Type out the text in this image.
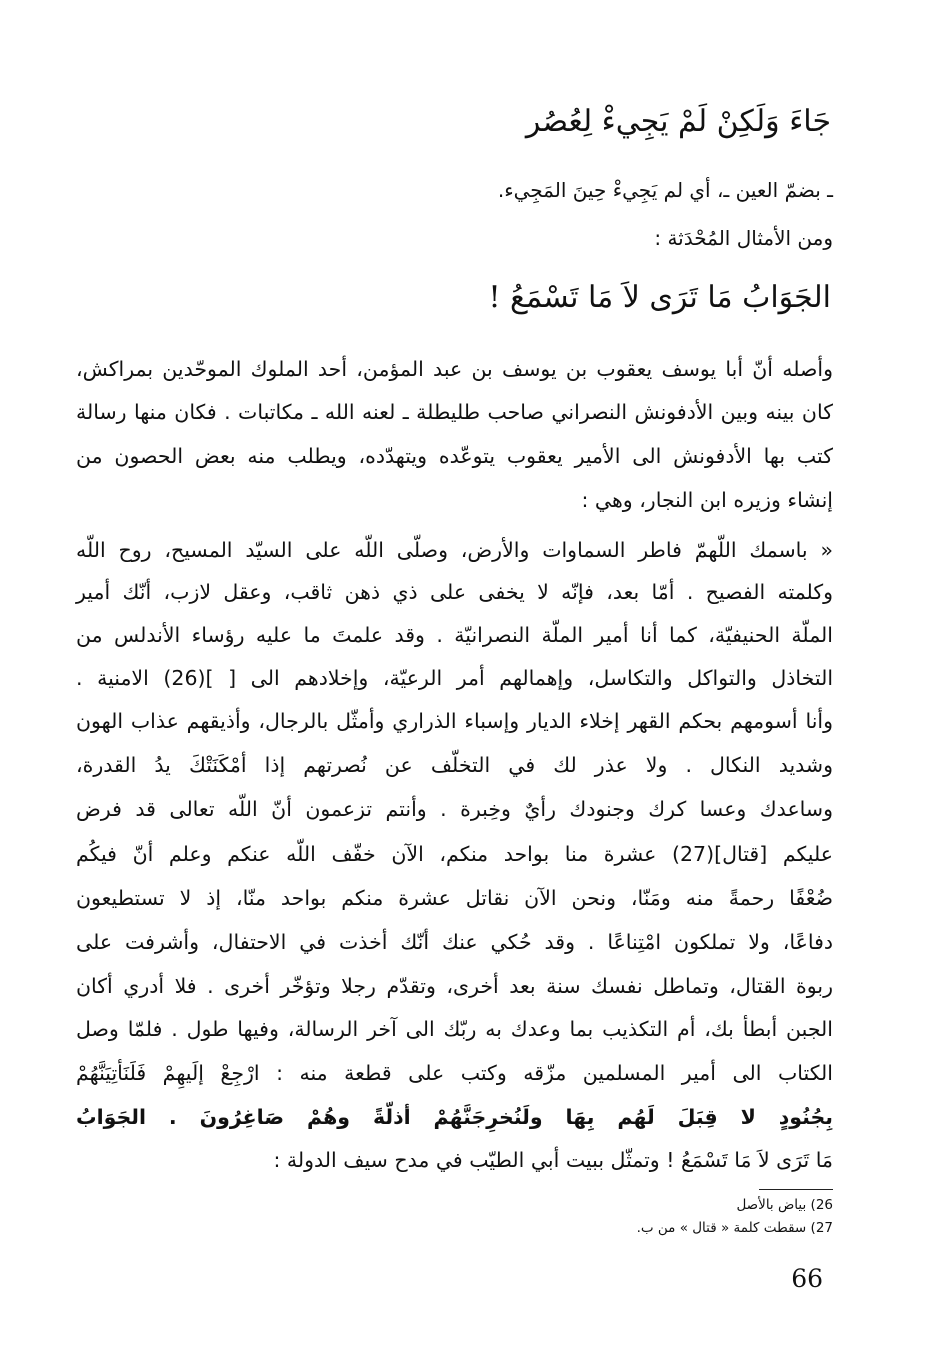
جَاءَ وَلَكِنْ لَمْ يَجِيءْ لِعُصُر
ـ بضمّ العين ـ، أي لم يَجِيءْ حِينَ المَجِيء.
ومن الأمثال المُحْدَثة :
الجَوَابُ مَا تَرَى لاَ مَا تَسْمَعُ !
وأصله أنّ أبا يوسف يعقوب بن يوسف بن عبد المؤمن، أحد الملوك الموحّدين بمراكش،
كان بينه وبين الأدفونش النصراني صاحب طليطلة ـ لعنه الله ـ مكاتبات . فكان منها رسالة
كتب بها الأدفونش الى الأمير يعقوب يتوعّده ويتهدّده، ويطلب منه بعض الحصون من
إنشاء وزيره ابن النجار، وهي :
« باسمك اللّهمّ فاطر السماوات والأرض، وصلّى اللّه على السيّد المسيح، روح اللّه
وكلمته الفصيح . أمّا بعد، فإنّه لا يخفى على ذي ذهن ثاقب، وعقل لازب، أنّك أمير
الملّة الحنيفيّة، كما أنا أمير الملّة النصرانيّة . وقد علمتَ ما عليه رؤساء الأندلس من
التخاذل والتواكل والتكاسل، وإهمالهم أمر الرعيّة، وإخلادهم الى [ ](26) الامنية .
وأنا أسومهم بحكم القهر إخلاء الديار وإسباء الذراري وأمثّل بالرجال، وأذيقهم عذاب الهون
وشديد النكال . ولا عذر لك في التخلّف عن نُصرتهم إذا أمْكَنَتْكَ يدُ القدرة،
وساعدك وعسا كرك وجنودك رأيٌ وخِبرة . وأنتم تزعمون أنّ اللّه تعالى قد فرض
عليكم [قتال](27) عشرة منا بواحد منكم، الآن خفّف اللّه عنكم وعلم أنّ فيكُم
ضُعْفًا رحمةً منه ومَنّا، ونحن الآن نقاتل عشرة منكم بواحد منّا، إذ لا تستطيعون
دفاعًا، ولا تملكون امْتِناعًا . وقد حُكي عنك أنّك أخذت في الاحتفال، وأشرفت على
ربوة القتال، وتماطل نفسك سنة بعد أخرى، وتقدّم رجلا وتؤخّر أخرى . فلا أدري أكان
الجبن أبطأ بك، أم التكذيب بما وعدك به ربّك الى آخر الرسالة، وفيها طول . فلمّا وصل
الكتاب الى أمير المسلمين مزّقه وكتب على قطعة منه : ارْجِعْ إلَيهِمْ فَلَنَأتِيَنَّهُمْ
بِجُنُودٍ لا قِبَلَ لَهُم بِهَا ولَنُخرِجَنَّهُمْ أذلّةً وهُمْ صَاغِرُونَ . الجَوَابُ
مَا تَرَى لاَ مَا تَسْمَعُ ! وتمثّل ببيت أبي الطيّب في مدح سيف الدولة :
26) بياض بالأصل
27) سقطت كلمة « قتال » من ب.
66
